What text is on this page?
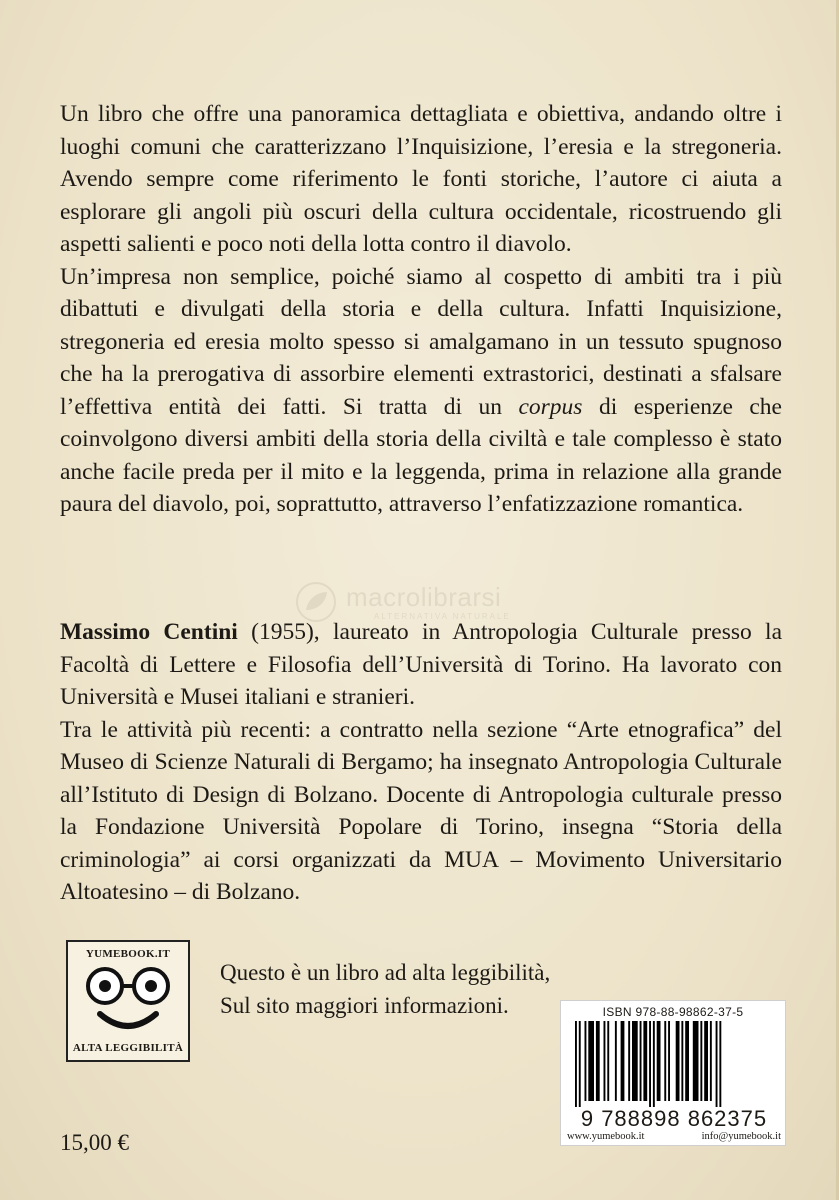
Un libro che offre una panoramica dettagliata e obiettiva, andando oltre i luoghi comuni che caratterizzano l’Inquisizione, l’eresia e la stregoneria. Avendo sempre come riferimento le fonti storiche, l’autore ci aiuta a esplorare gli angoli più oscuri della cultura occidentale, ricostruendo gli aspetti salienti e poco noti della lotta contro il diavolo.

Un’impresa non semplice, poiché siamo al cospetto di ambiti tra i più dibattuti e divulgati della storia e della cultura. Infatti Inquisizione, stregoneria ed eresia molto spesso si amalgamano in un tessuto spugnoso che ha la prerogativa di assorbire elementi extrastorici, destinati a sfalsare l’effettiva entità dei fatti. Si tratta di un corpus di esperienze che coinvolgono diversi ambiti della storia della civiltà e tale complesso è stato anche facile preda per il mito e la leggenda, prima in relazione alla grande paura del diavolo, poi, soprattutto, attraverso l’enfatizzazione romantica.

macrolibrarsi
ALTERNATIVA NATURALE

Massimo Centini (1955), laureato in Antropologia Culturale presso la Facoltà di Lettere e Filosofia dell’Università di Torino. Ha lavorato con Università e Musei italiani e stranieri.

Tra le attività più recenti: a contratto nella sezione “Arte etnografica” del Museo di Scienze Naturali di Bergamo; ha insegnato Antropologia Culturale all’Istituto di Design di Bolzano. Docente di Antropologia culturale presso la Fondazione Università Popolare di Torino, insegna “Storia della criminologia” ai corsi organizzati da MUA – Movimento Universitario Altoatesino – di Bolzano.

YUMEBOOK.IT
ALTA LEGGIBILITÀ
Questo è un libro ad alta leggibilità,
Sul sito maggiori informazioni.
15,00 €
ISBN 978-88-98862-37-5
9 788898 862375
www.yumebook.it	info@yumebook.it
